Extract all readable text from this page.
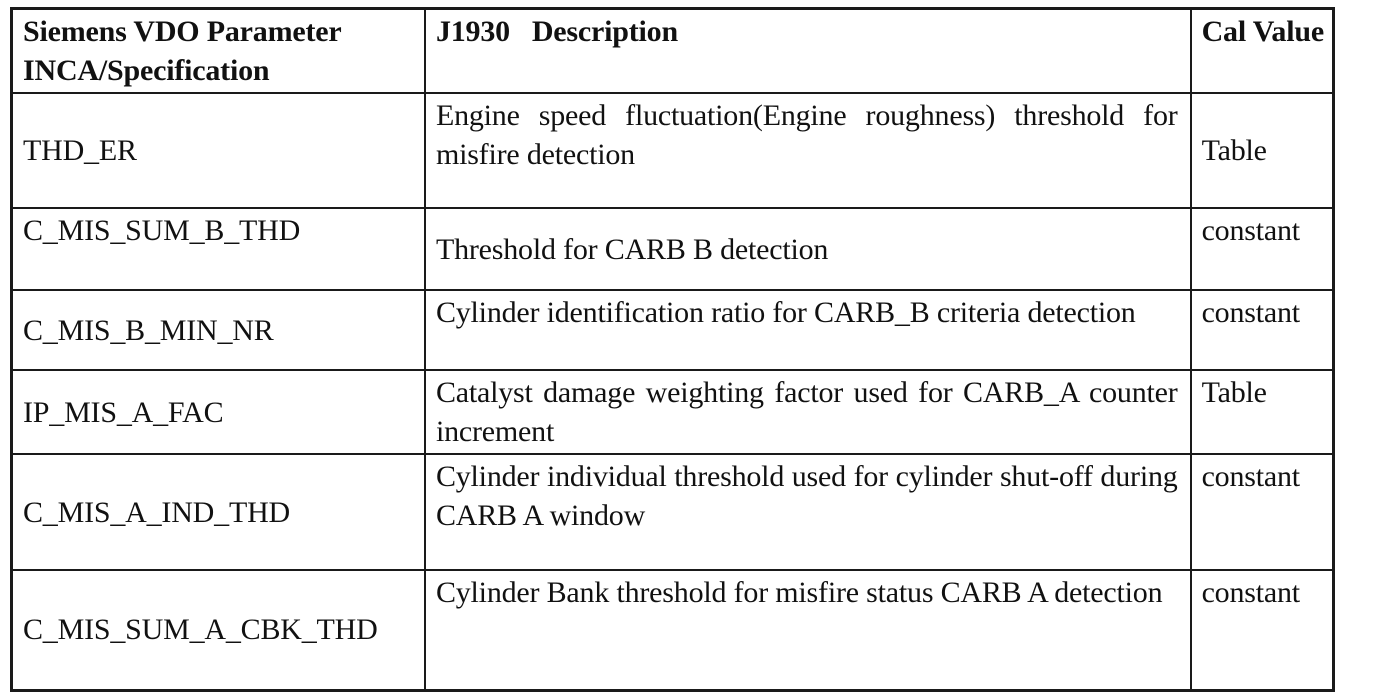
Siemens VDO Parameter INCA/Specification	J1930   Description	Cal Value
THD_ER	Engine speed fluctuation(Engine roughness) threshold for misfire detection	Table
C_MIS_SUM_B_THD	Threshold for CARB B detection	constant
C_MIS_B_MIN_NR	Cylinder identification ratio for CARB_B criteria detection	constant
IP_MIS_A_FAC	Catalyst damage weighting factor used for CARB_A counter increment	Table
C_MIS_A_IND_THD	Cylinder individual threshold used for cylinder shut-off during CARB A window	constant
C_MIS_SUM_A_CBK_THD	Cylinder Bank threshold for misfire status CARB A detection	constant
